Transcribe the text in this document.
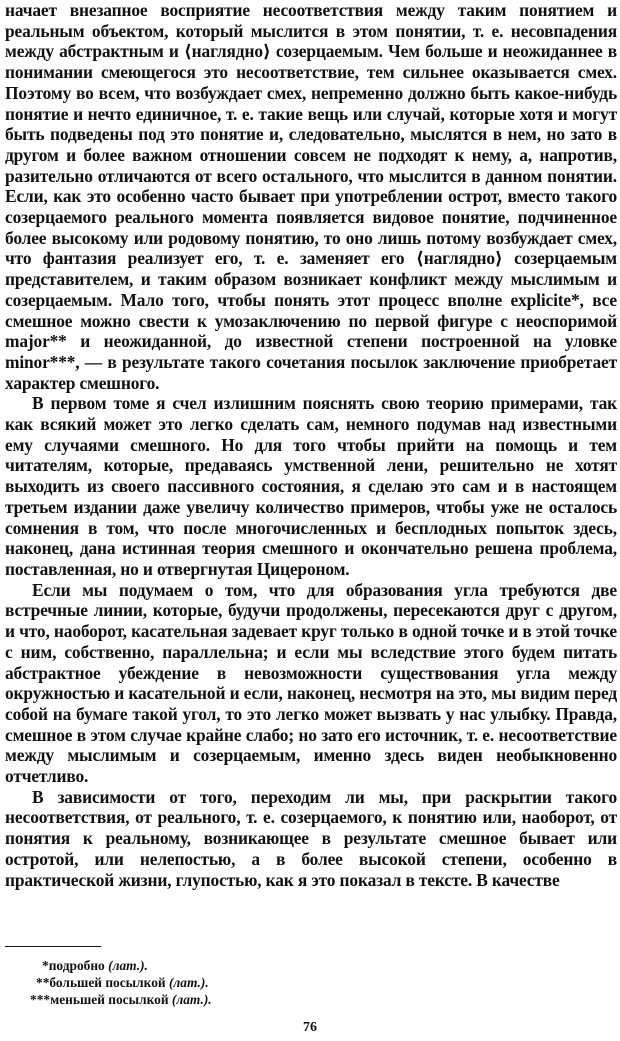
начает внезапное восприятие несоответствия между таким понятием и реальным объектом, который мыслится в этом понятии, т. е. несовпадения между абстрактным и ⟨наглядно⟩ созерцаемым. Чем больше и неожиданнее в понимании смеющегося это несоответствие, тем сильнее оказывается смех. Поэтому во всем, что возбуждает смех, непременно должно быть какое-нибудь понятие и нечто единичное, т. е. такие вещь или случай, которые хотя и могут быть подведены под это понятие и, следовательно, мыслятся в нем, но зато в другом и более важном отношении совсем не подходят к нему, а, напротив, разительно отличаются от всего остального, что мыслится в данном понятии. Если, как это особенно часто бывает при употреблении острот, вместо такого созерцаемого реального момента появляется видовое понятие, подчиненное более высокому или родовому понятию, то оно лишь потому возбуждает смех, что фантазия реализует его, т. е. заменяет его ⟨наглядно⟩ созерцаемым представителем, и таким образом возникает конфликт между мыслимым и созерцаемым. Мало того, чтобы понять этот процесс вполне explicite*, все смешное можно свести к умозаключению по первой фигуре с неоспоримой major** и неожиданной, до известной степени построенной на уловке minor***, — в результате такого сочетания посылок заключение приобретает характер смешного.

В первом томе я счел излишним пояснять свою теорию примерами, так как всякий может это легко сделать сам, немного подумав над известными ему случаями смешного. Но для того чтобы прийти на помощь и тем читателям, которые, предаваясь умственной лени, решительно не хотят выходить из своего пассивного состояния, я сделаю это сам и в настоящем третьем издании даже увеличу количество примеров, чтобы уже не осталось сомнения в том, что после многочисленных и бесплодных попыток здесь, наконец, дана истинная теория смешного и окончательно решена проблема, поставленная, но и отвергнутая Цицероном.

Если мы подумаем о том, что для образования угла требуются две встречные линии, которые, будучи продолжены, пересекаются друг с другом, и что, наоборот, касательная задевает круг только в одной точке и в этой точке с ним, собственно, параллельна; и если мы вследствие этого будем питать абстрактное убеждение в невозможности существования угла между окружностью и касательной и если, наконец, несмотря на это, мы видим перед собой на бумаге такой угол, то это легко может вызвать у нас улыбку. Правда, смешное в этом случае крайне слабо; но зато его источник, т. е. несоответствие между мыслимым и созерцаемым, именно здесь виден необыкновенно отчетливо.

В зависимости от того, переходим ли мы, при раскрытии такого несоответствия, от реального, т. е. созерцаемого, к понятию или, наоборот, от понятия к реальному, возникающее в результате смешное бывает или остротой, или нелепостью, а в более высокой степени, особенно в практической жизни, глупостью, как я это показал в тексте. В качестве

*подробно (лат.).
**большей посылкой (лат.).
***меньшей посылкой (лат.).
76
